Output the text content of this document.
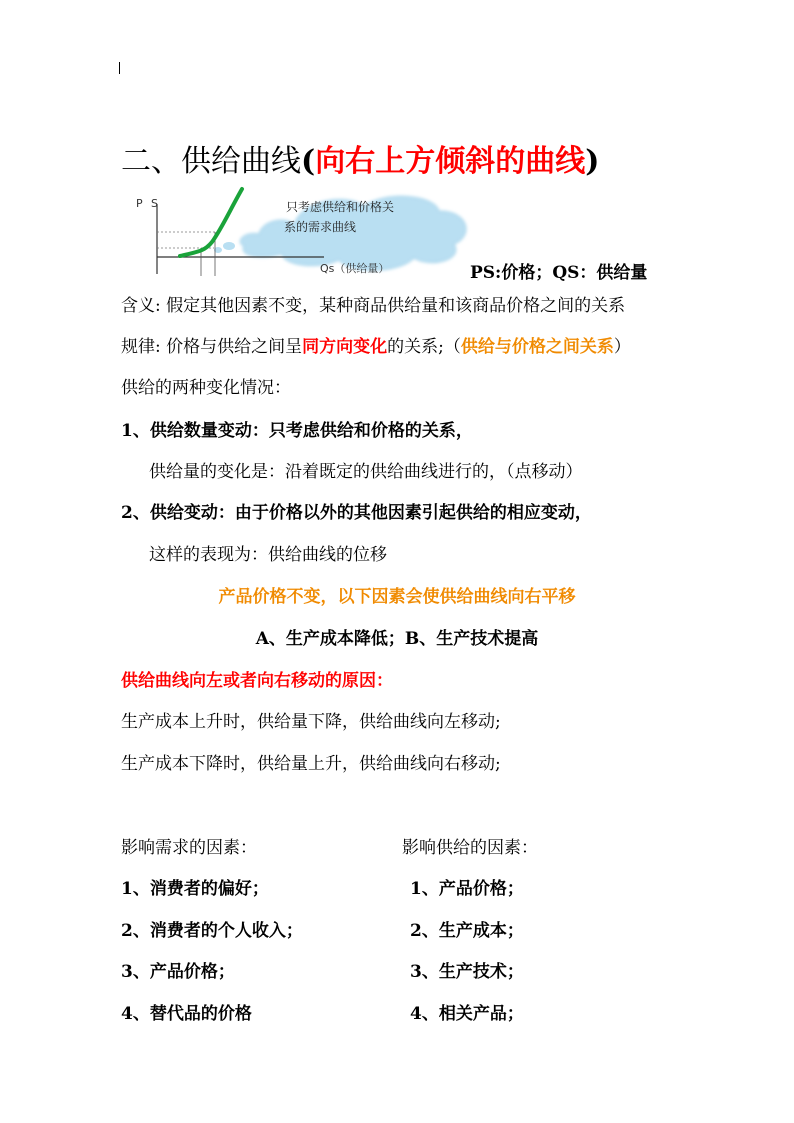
二、供给曲线(向右上方倾斜的曲线)
只考虑供给和价格关
系的需求曲线
P S
Qs（供给量）	PS:价格；QS：供给量
含义: 假定其他因素不变，某种商品供给量和该商品价格之间的关系
规律: 价格与供给之间呈同方向变化的关系;（供给与价格之间关系）
供给的两种变化情况：
1、供给数量变动：只考虑供给和价格的关系，
供给量的变化是：沿着既定的供给曲线进行的，（点移动）
2、供给变动：由于价格以外的其他因素引起供给的相应变动，
这样的表现为：供给曲线的位移
产品价格不变，以下因素会使供给曲线向右平移
A、生产成本降低；B、生产技术提高
供给曲线向左或者向右移动的原因：
生产成本上升时，供给量下降，供给曲线向左移动;
生产成本下降时，供给量上升，供给曲线向右移动;
影响需求的因素：	影响供给的因素：
1、消费者的偏好；
2、消费者的个人收入；
3、产品价格；
4、替代品的价格
1、产品价格；
2、生产成本；
3、生产技术；
4、相关产品；
